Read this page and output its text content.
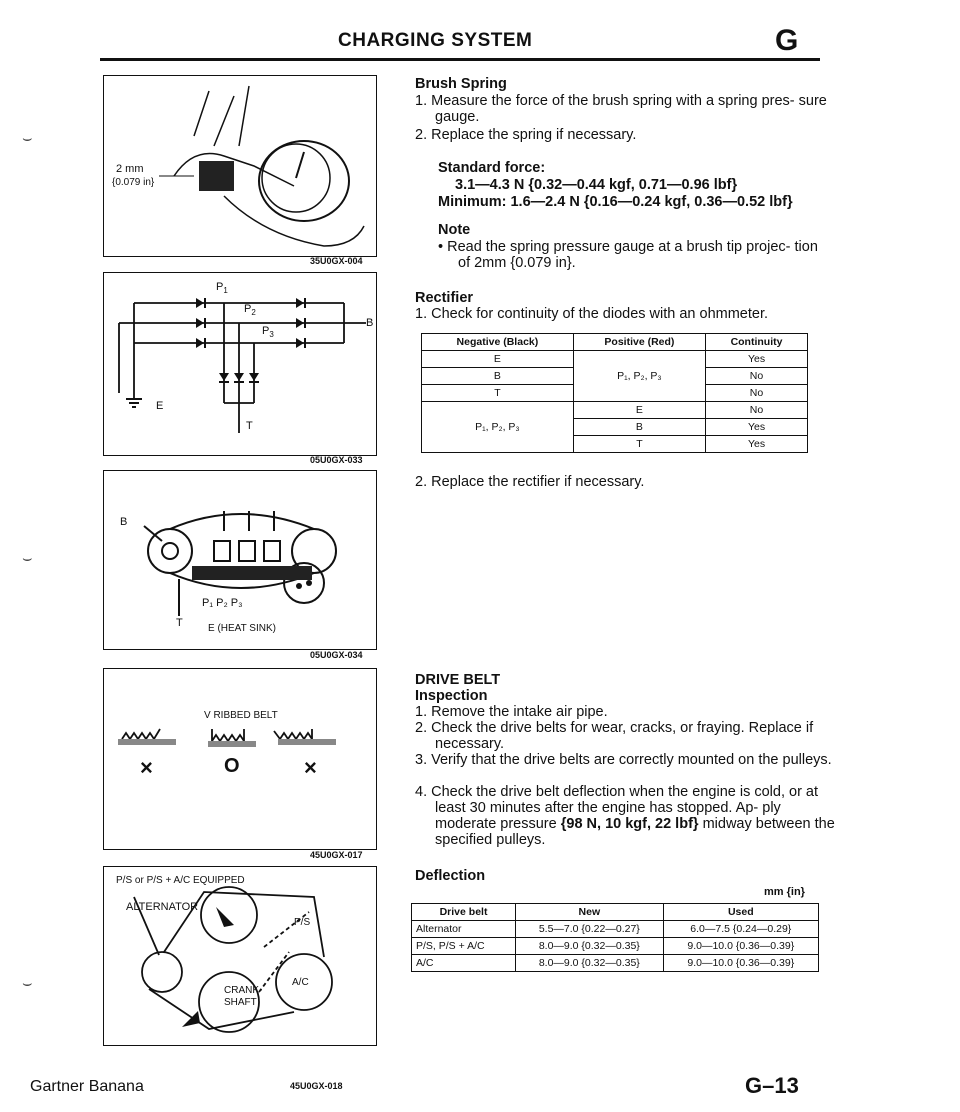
CHARGING SYSTEM	G
⌣
⌣
⌣
2 mm
{0.079 in}
35U0GX-004
$P_1$
$P_2$
$P_3$
B
E
T
05U0GX-033
B
P₁ P₂ P₃
T	E (HEAT SINK)
05U0GX-034
V RIBBED BELT
×	O	×
45U0GX-017
P/S or P/S + A/C EQUIPPED
ALTERNATOR
P/S
CRANK-
SHAFT
A/C
Brush Spring
1. Measure the force of the brush spring with a spring pres- sure gauge.
2. Replace the spring if necessary.
Standard force:
3.1—4.3 N {0.32—0.44 kgf, 0.71—0.96 lbf}
Minimum: 1.6—2.4 N {0.16—0.24 kgf, 0.36—0.52 lbf}
Note
• Read the spring pressure gauge at a brush tip projec- tion of 2mm {0.079 in}.
Rectifier
1. Check for continuity of the diodes with an ohmmeter.
Negative (Black)	Positive (Red)	Continuity
E	P₁, P₂, P₃	Yes
B		No
T		No
P₁, P₂, P₃	E	No
	B	Yes
	T	Yes
2. Replace the rectifier if necessary.
DRIVE BELT
Inspection
1. Remove the intake air pipe.
2. Check the drive belts for wear, cracks, or fraying. Replace if necessary.
3. Verify that the drive belts are correctly mounted on the pulleys.
4. Check the drive belt deflection when the engine is cold, or at least 30 minutes after the engine has stopped. Ap- ply moderate pressure {98 N, 10 kgf, 22 lbf} midway between the specified pulleys.
Deflection
mm {in}
Drive belt	New	Used
Alternator	5.5—7.0 {0.22—0.27}	6.0—7.5 {0.24—0.29}
P/S, P/S + A/C	8.0—9.0 {0.32—0.35}	9.0—10.0 {0.36—0.39}
A/C	8.0—9.0 {0.32—0.35}	9.0—10.0 {0.36—0.39}
Gartner Banana	45U0GX-018	G–13
